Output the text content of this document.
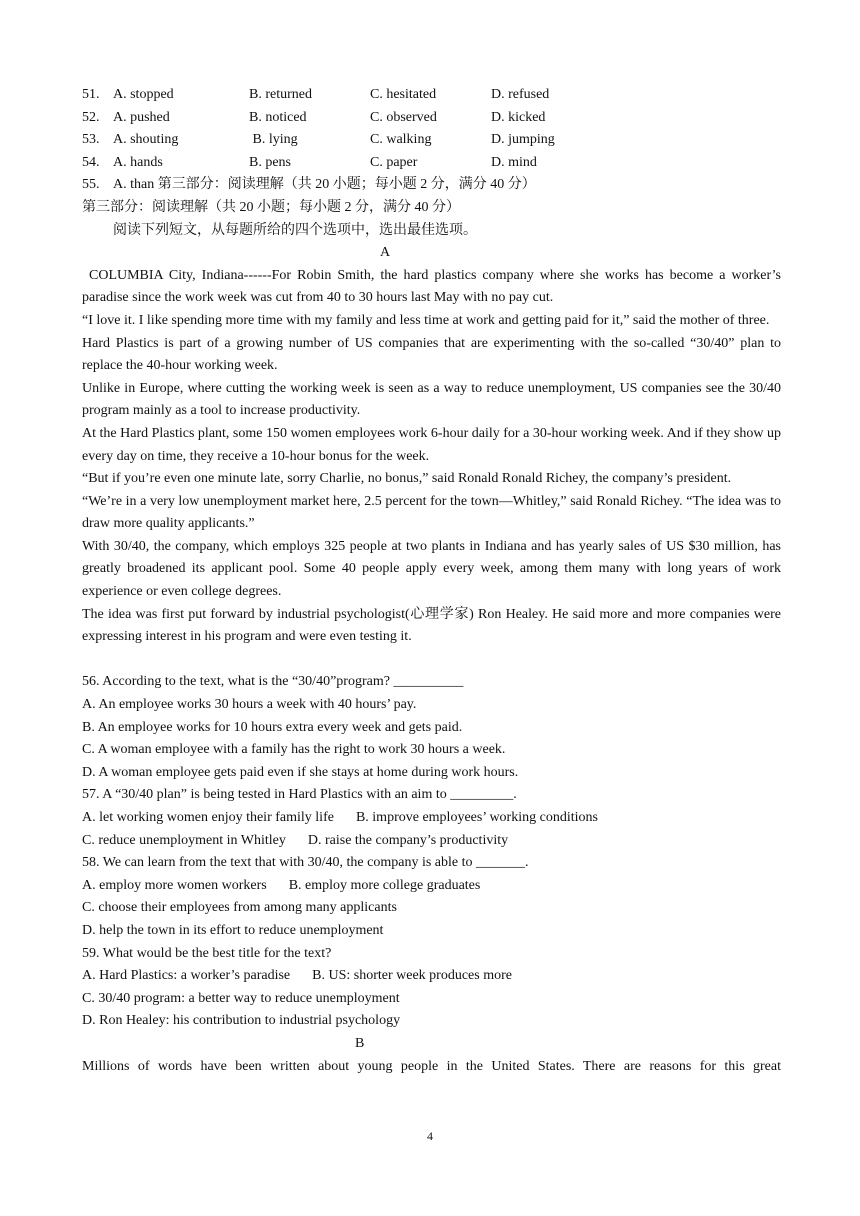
51. A. stopped	B. returned	C. hesitated	D. refused
52. A. pushed	B. noticed	C. observed	D. kicked
53. A. shouting	B. lying	C. walking	D. jumping
54. A. hands	B. pens	C. paper	D. mind
55. A. than 第三部分：阅读理解（共 20 小题；每小题 2 分，满分 40 分）
第三部分：阅读理解（共 20 小题；每小题 2 分，满分 40 分）
阅读下列短文，从每题所给的四个选项中，选出最佳选项。
A
COLUMBIA City, Indiana------For Robin Smith, the hard plastics company where she works has become a worker’s paradise since the work week was cut from 40 to 30 hours last May with no pay cut.
“I love it. I like spending more time with my family and less time at work and getting paid for it,” said the mother of three.
Hard Plastics is part of a growing number of US companies that are experimenting with the so-called “30/40” plan to replace the 40-hour working week.
Unlike in Europe, where cutting the working week is seen as a way to reduce unemployment, US companies see the 30/40 program mainly as a tool to increase productivity.
At the Hard Plastics plant, some 150 women employees work 6-hour daily for a 30-hour working week. And if they show up every day on time, they receive a 10-hour bonus for the week.
“But if you’re even one minute late, sorry Charlie, no bonus,” said Ronald Ronald Richey, the company’s president.
“We’re in a very low unemployment market here, 2.5 percent for the town—Whitley,” said Ronald Richey. “The idea was to draw more quality applicants.”
With 30/40, the company, which employs 325 people at two plants in Indiana and has yearly sales of US $30 million, has greatly broadened its applicant pool. Some 40 people apply every week, among them many with long years of work experience or even college degrees.
The idea was first put forward by industrial psychologist(心理学家) Ron Healey. He said more and more companies were expressing interest in his program and were even testing it.
56. According to the text, what is the “30/40”program? __________
A. An employee works 30 hours a week with 40 hours’ pay.
B. An employee works for 10 hours extra every week and gets paid.
C. A woman employee with a family has the right to work 30 hours a week.
D. A woman employee gets paid even if she stays at home during work hours.
57. A “30/40 plan” is being tested in Hard Plastics with an aim to _________.
A. let working women enjoy their family life B. improve employees’ working conditions
C. reduce unemployment in Whitley D. raise the company’s productivity
58. We can learn from the text that with 30/40, the company is able to _______.
A. employ more women workers B. employ more college graduates
C. choose their employees from among many applicants
D. help the town in its effort to reduce unemployment
59. What would be the best title for the text?
A. Hard Plastics: a worker’s paradise B. US: shorter week produces more
C. 30/40 program: a better way to reduce unemployment
D. Ron Healey: his contribution to industrial psychology
B
Millions of words have been written about young people in the United States. There are reasons for this great
4
